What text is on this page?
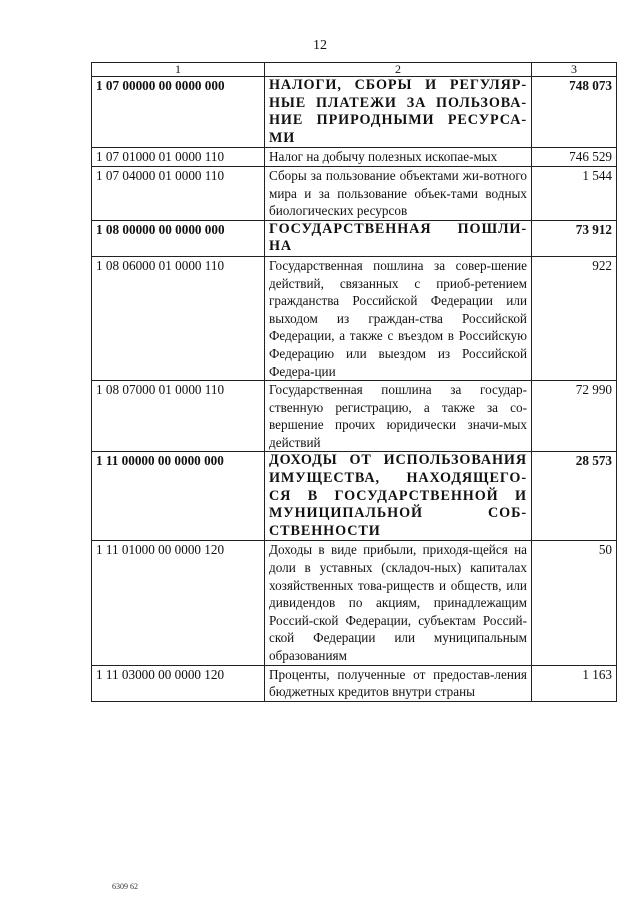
12
1	2	3
1 07 00000 00 0000 000	НАЛОГИ, СБОРЫ И РЕГУЛЯР-НЫЕ ПЛАТЕЖИ ЗА ПОЛЬЗОВА-НИЕ ПРИРОДНЫМИ РЕСУРСА-МИ	748 073
1 07 01000 01 0000 110	Налог на добычу полезных ископае-мых	746 529
1 07 04000 01 0000 110	Сборы за пользование объектами жи-вотного мира и за пользование объек-тами водных биологических ресурсов	1 544
1 08 00000 00 0000 000	ГОСУДАРСТВЕННАЯ ПОШЛИ-НА	73 912
1 08 06000 01 0000 110	Государственная пошлина за совер-шение действий, связанных с приоб-ретением гражданства Российской Федерации или выходом из граждан-ства Российской Федерации, а также с въездом в Российскую Федерацию или выездом из Российской Федера-ции	922
1 08 07000 01 0000 110	Государственная пошлина за государ-ственную регистрацию, а также за со-вершение прочих юридически значи-мых действий	72 990
1 11 00000 00 0000 000	ДОХОДЫ ОТ ИСПОЛЬЗОВАНИЯ ИМУЩЕСТВА, НАХОДЯЩЕГО-СЯ В ГОСУДАРСТВЕННОЙ И МУНИЦИПАЛЬНОЙ СОБ-СТВЕННОСТИ	28 573
1 11 01000 00 0000 120	Доходы в виде прибыли, приходя-щейся на доли в уставных (складоч-ных) капиталах хозяйственных това-риществ и обществ, или дивидендов по акциям, принадлежащим Россий-ской Федерации, субъектам Россий-ской Федерации или муниципальным образованиям	50
1 11 03000 00 0000 120	Проценты, полученные от предостав-ления бюджетных кредитов внутри страны	1 163
6309 62
